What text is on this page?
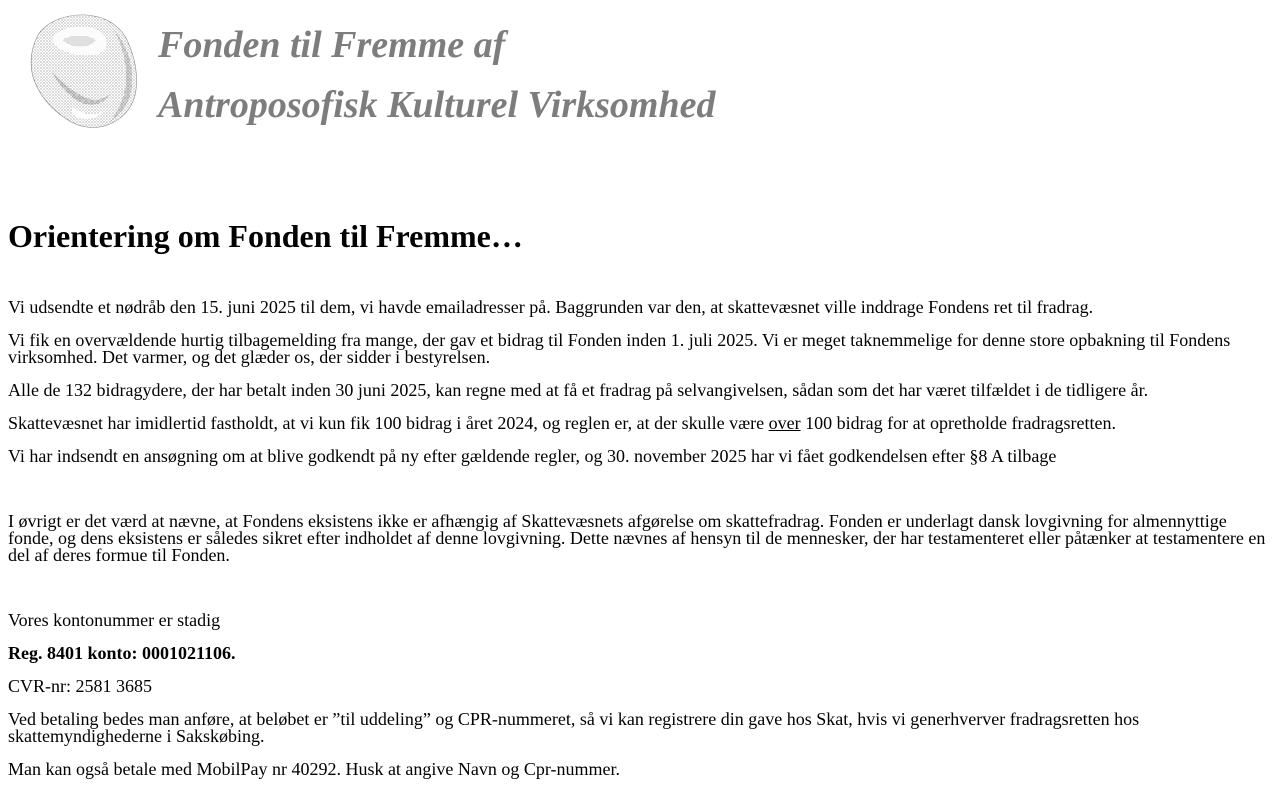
Fonden til Fremme af
Antroposofisk Kulturel Virksomhed
Orientering om Fonden til Fremme…

Vi udsendte et nødråb den 15. juni 2025 til dem, vi havde emailadresser på. Baggrunden var den, at skattevæsnet ville inddrage Fondens ret til fradrag.

Vi fik en overvældende hurtig tilbagemelding fra mange, der gav et bidrag til Fonden inden 1. juli 2025. Vi er meget taknemmelige for denne store opbakning til Fondens virksomhed. Det varmer, og det glæder os, der sidder i bestyrelsen.

Alle de 132 bidragydere, der har betalt inden 30 juni 2025, kan regne med at få et fradrag på selvangivelsen, sådan som det har været tilfældet i de tidligere år.

Skattevæsnet har imidlertid fastholdt, at vi kun fik 100 bidrag i året 2024, og reglen er, at der skulle være over 100 bidrag for at opretholde fradragsretten.

Vi har indsendt en ansøgning om at blive godkendt på ny efter gældende regler, og 30. november 2025 har vi fået godkendelsen efter §8 A tilbage

I øvrigt er det værd at nævne, at Fondens eksistens ikke er afhængig af Skattevæsnets afgørelse om skattefradrag. Fonden er underlagt dansk lovgivning for almennyttige fonde, og dens eksistens er således sikret efter indholdet af denne lovgivning. Dette nævnes af hensyn til de mennesker, der har testamenteret eller påtænker at testamentere en del af deres formue til Fonden.

Vores kontonummer er stadig

Reg. 8401 konto: 0001021106.

CVR-nr: 2581 3685

Ved betaling bedes man anføre, at beløbet er ”til uddeling” og CPR-nummeret, så vi kan registrere din gave hos Skat, hvis vi generhverver fradragsretten hos skattemyndighederne i Sakskøbing.

Man kan også betale med MobilPay nr 40292. Husk at angive Navn og Cpr-nummer.
